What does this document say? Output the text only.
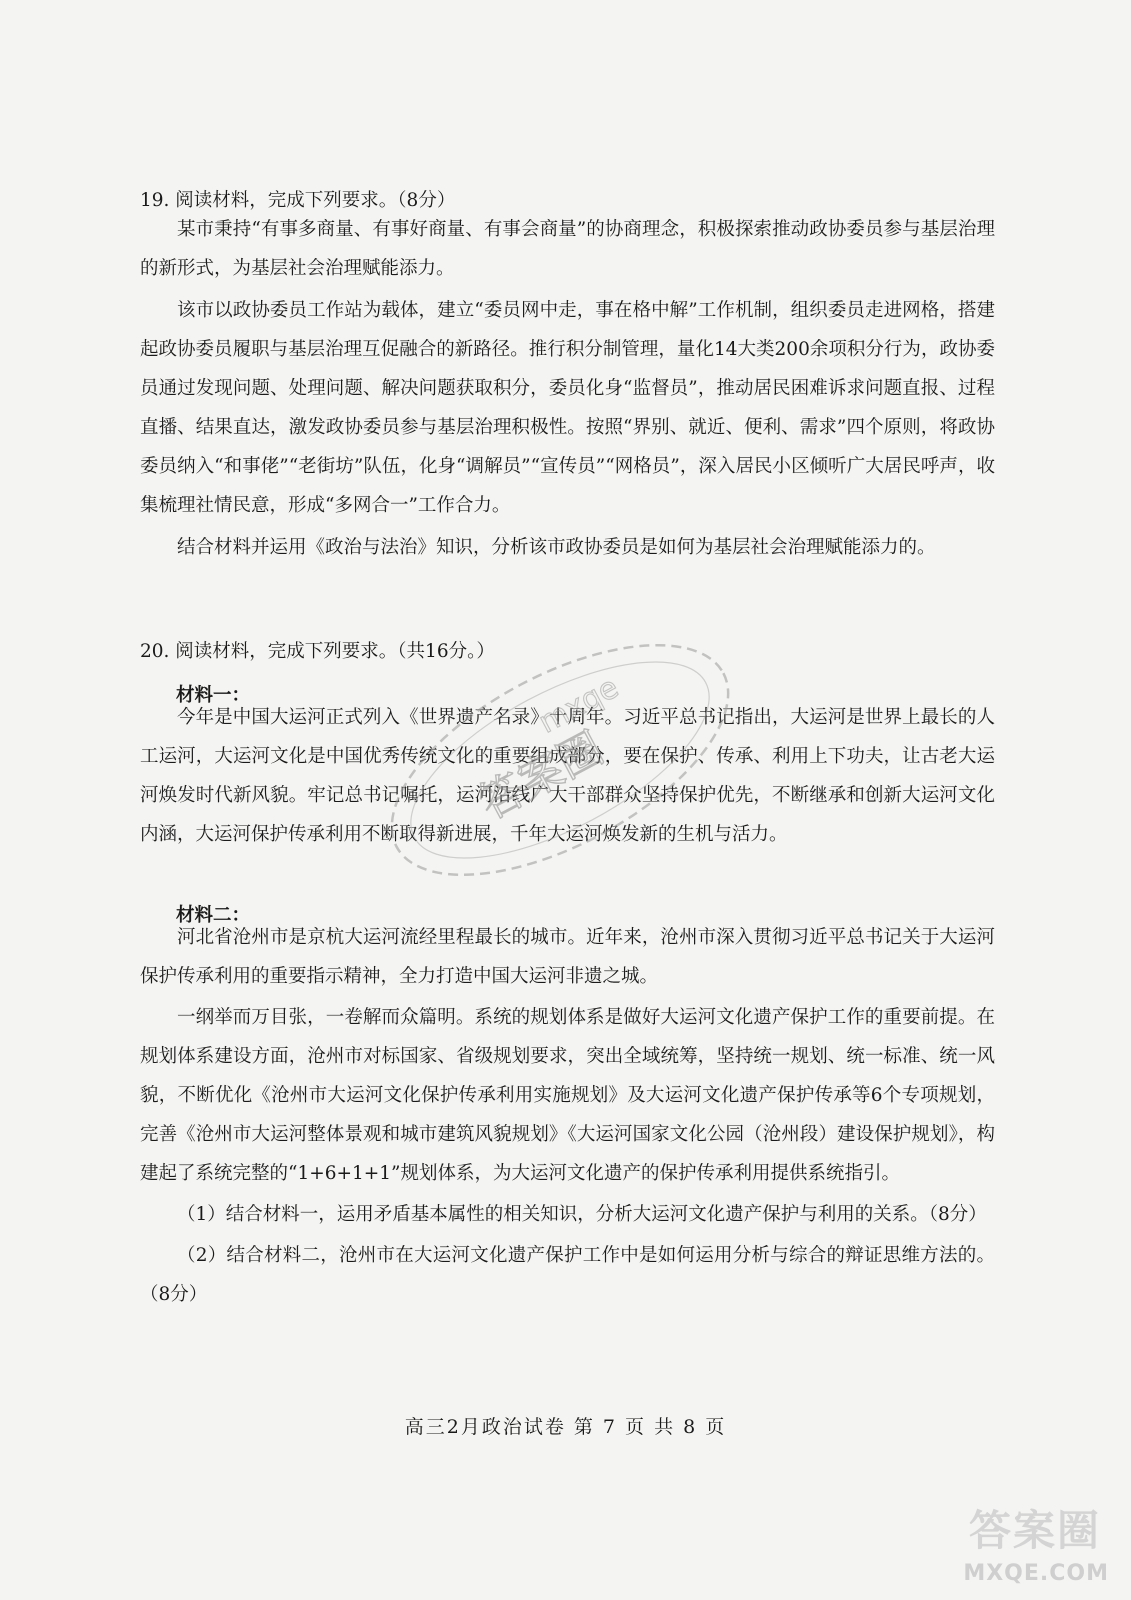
19. 阅读材料，完成下列要求。（8分）

某市秉持“有事多商量、有事好商量、有事会商量”的协商理念，积极探索推动政协委员参与基层治理的新形式，为基层社会治理赋能添力。

该市以政协委员工作站为载体，建立“委员网中走，事在格中解”工作机制，组织委员走进网格，搭建起政协委员履职与基层治理互促融合的新路径。推行积分制管理，量化14大类200余项积分行为，政协委员通过发现问题、处理问题、解决问题获取积分，委员化身“监督员”，推动居民困难诉求问题直报、过程直播、结果直达，激发政协委员参与基层治理积极性。按照“界别、就近、便利、需求”四个原则，将政协委员纳入“和事佬”“老街坊”队伍，化身“调解员”“宣传员”“网格员”，深入居民小区倾听广大居民呼声，收集梳理社情民意，形成“多网合一”工作合力。

结合材料并运用《政治与法治》知识，分析该市政协委员是如何为基层社会治理赋能添力的。

20. 阅读材料，完成下列要求。（共16分。）
材料一：

今年是中国大运河正式列入《世界遗产名录》十周年。习近平总书记指出，大运河是世界上最长的人工运河，大运河文化是中国优秀传统文化的重要组成部分，要在保护、传承、利用上下功夫，让古老大运河焕发时代新风貌。牢记总书记嘱托，运河沿线广大干部群众坚持保护优先，不断继承和创新大运河文化内涵，大运河保护传承利用不断取得新进展，千年大运河焕发新的生机与活力。

材料二：

河北省沧州市是京杭大运河流经里程最长的城市。近年来，沧州市深入贯彻习近平总书记关于大运河保护传承利用的重要指示精神，全力打造中国大运河非遗之城。

一纲举而万目张，一卷解而众篇明。系统的规划体系是做好大运河文化遗产保护工作的重要前提。在规划体系建设方面，沧州市对标国家、省级规划要求，突出全域统筹，坚持统一规划、统一标准、统一风貌，不断优化《沧州市大运河文化保护传承利用实施规划》及大运河文化遗产保护传承等6个专项规划，完善《沧州市大运河整体景观和城市建筑风貌规划》《大运河国家文化公园（沧州段）建设保护规划》，构建起了系统完整的“1+6+1+1”规划体系，为大运河文化遗产的保护传承利用提供系统指引。

（1）结合材料一，运用矛盾基本属性的相关知识，分析大运河文化遗产保护与利用的关系。（8分）

（2）结合材料二，沧州市在大运河文化遗产保护工作中是如何运用分析与综合的辩证思维方法的。（8分）

高三2月政治试卷 第 7 页 共 8 页
答案圈
mxqe
答案圈
MXQE.COM
